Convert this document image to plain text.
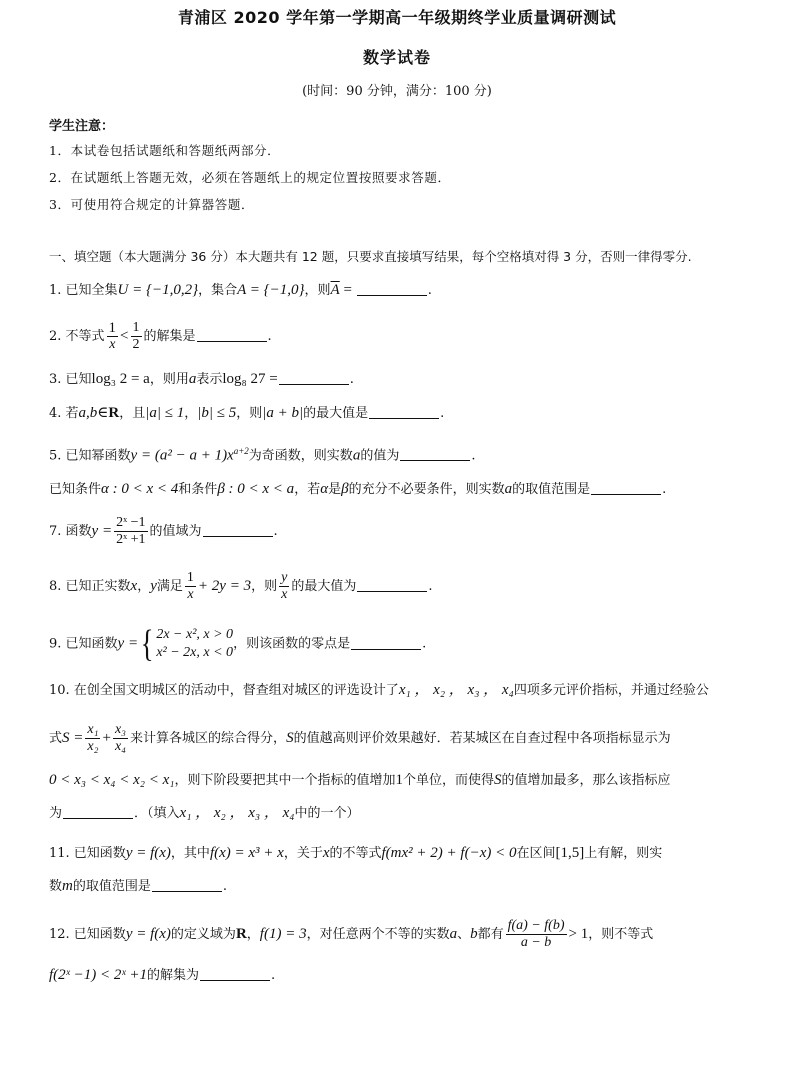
青浦区 2020 学年第一学期高一年级期终学业质量调研测试
数学试卷
(时间：90 分钟，满分：100 分)
学生注意：
1．本试卷包括试题纸和答题纸两部分．
2．在试题纸上答题无效，必须在答题纸上的规定位置按照要求答题．
3．可使用符合规定的计算器答题．
一、填空题（本大题满分 36 分）本大题共有 12 题，只要求直接填写结果，每个空格填对得 3 分，否则一律得零分.
1. 已知全集U = {−1,0,2}，集合A = {−1,0}，则$\overline{A}$ =	.
2. 不等式 $\frac{1}{x} < \frac{1}{2}$ 的解集是	.
3. 已知log₃ 2 = a，则用a表示log₈ 27 =	.
4. 若a,b∈R，且|a| ≤ 1，|b| ≤ 5，则|a + b|的最大值是	.
5. 已知幂函数$y = (a^2 - a + 1)x^{a+2}$为奇函数，则实数a的值为	.
已知条件α : 0 < x < 4和条件β : 0 < x < a，若α是β的充分不必要条件，则实数a的取值范围是	.
7. 函数$y = \frac{\text{2ˣ −1}}{\text{2ˣ +1}}$ 的值域为	.
8. 已知正实数x，y满足 $\frac{1}{x} + 2y = 3$，则 $\frac{y}{x}$ 的最大值为	.
9. 已知函数y = { 2x − x², x > 0
x² − 2x, x < 0
，则该函数的零点是	.
10. 在创全国文明城区的活动中，督查组对城区的评选设计了x₁ ， x₂ ， x₃ ， x₄四项多元评价指标，并通过经验公
式$S = \frac{\text{x₁}}{\text{x₂}} + \frac{\text{x₃}}{\text{x₄}}$ 来计算各城区的综合得分，S的值越高则评价效果越好．若某城区在自查过程中各项指标显示为
0 < x₃ < x₄ < x₂ < x₁，则下阶段要把其中一个指标的值增加1个单位，而使得S的值增加最多，那么该指标应
为	．（填入x₁ ， x₂ ， x₃ ， x₄中的一个）
11. 已知函数y = f(x)，其中f(x) = x³ + x，关于x的不等式f(mx² + 2) + f(−x) < 0在区间[1,5]上有解，则实
数m的取值范围是	.
12. 已知函数y = f(x)的定义域为R，f(1) = 3，对任意两个不等的实数a、b都有 $\frac{f(a) - f(b)}{a - b} > 1$，则不等式
f(2ˣ −1) < 2ˣ +1的解集为	.
